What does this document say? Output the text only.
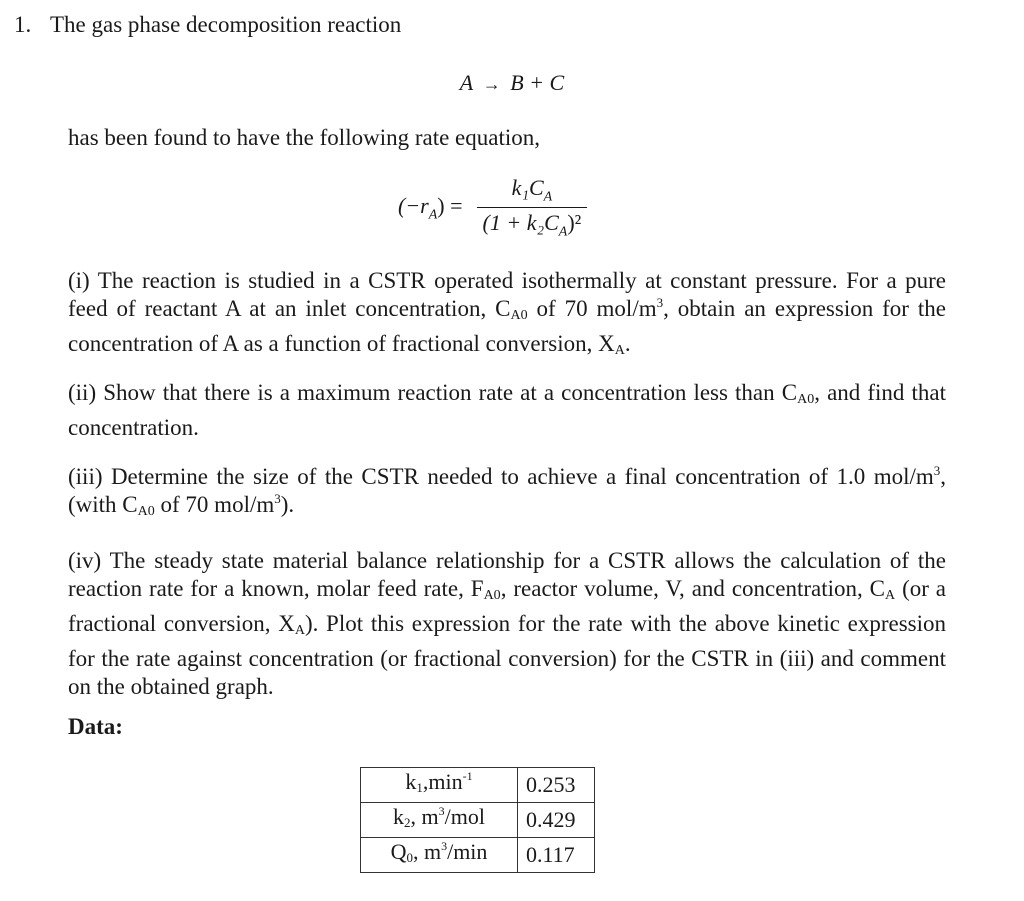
1. The gas phase decomposition reaction
A → B + C
has been found to have the following rate equation,
$(-r_A) = \frac{k_1C_A}{(1 + k_2C_A)^2}$
(i) The reaction is studied in a CSTR operated isothermally at constant pressure. For a pure feed of reactant A at an inlet concentration, $C_{A0}$ of 70 mol/$m^3$, obtain an expression for the concentration of A as a function of fractional conversion, $X_A$.
(ii) Show that there is a maximum reaction rate at a concentration less than $C_{A0}$, and find that concentration.
(iii) Determine the size of the CSTR needed to achieve a final concentration of 1.0 mol/$m^3$, (with $C_{A0}$ of 70 mol/$m^3$).
(iv) The steady state material balance relationship for a CSTR allows the calculation of the reaction rate for a known, molar feed rate, $F_{A0}$, reactor volume, V, and concentration, $C_A$ (or a fractional conversion, $X_A$). Plot this expression for the rate with the above kinetic expression for the rate against concentration (or fractional conversion) for the CSTR in (iii) and comment on the obtained graph.
Data:
$k_1,\min^{-1}$	0.253
$k_2$, $m^3$/mol	0.429
$Q_0$, $m^3/\min$	0.117
